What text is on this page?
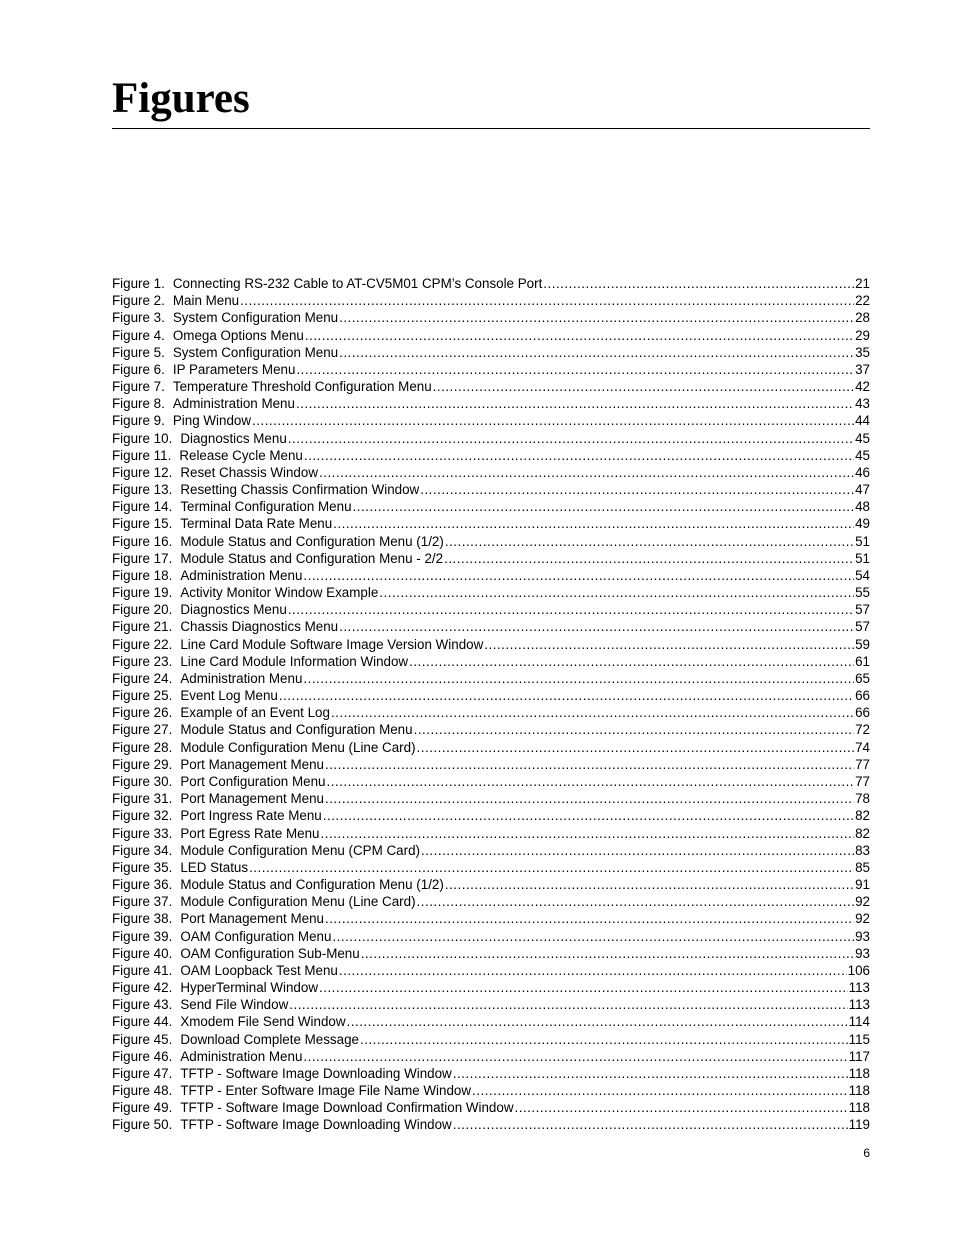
Figures
Figure 1. Connecting RS-232 Cable to AT-CV5M01 CPM’s Console Port .....	21
Figure 2. Main Menu .....	22
Figure 3. System Configuration Menu .....	28
Figure 4. Omega Options Menu .....	29
Figure 5. System Configuration Menu .....	35
Figure 6. IP Parameters Menu .....	37
Figure 7. Temperature Threshold Configuration Menu .....	42
Figure 8. Administration Menu .....	43
Figure 9. Ping Window .....	44
Figure 10. Diagnostics Menu .....	45
Figure 11. Release Cycle Menu .....	45
Figure 12. Reset Chassis Window .....	46
Figure 13. Resetting Chassis Confirmation Window .....	47
Figure 14. Terminal Configuration Menu .....	48
Figure 15. Terminal Data Rate Menu .....	49
Figure 16. Module Status and Configuration Menu (1/2) .....	51
Figure 17. Module Status and Configuration Menu - 2/2 .....	51
Figure 18. Administration Menu .....	54
Figure 19. Activity Monitor Window Example .....	55
Figure 20. Diagnostics Menu .....	57
Figure 21. Chassis Diagnostics Menu .....	57
Figure 22. Line Card Module Software Image Version Window .....	59
Figure 23. Line Card Module Information Window .....	61
Figure 24. Administration Menu .....	65
Figure 25. Event Log Menu .....	66
Figure 26. Example of an Event Log .....	66
Figure 27. Module Status and Configuration Menu .....	72
Figure 28. Module Configuration Menu (Line Card) .....	74
Figure 29. Port Management Menu .....	77
Figure 30. Port Configuration Menu .....	77
Figure 31. Port Management Menu .....	78
Figure 32. Port Ingress Rate Menu .....	82
Figure 33. Port Egress Rate Menu .....	82
Figure 34. Module Configuration Menu (CPM Card) .....	83
Figure 35. LED Status .....	85
Figure 36. Module Status and Configuration Menu (1/2) .....	91
Figure 37. Module Configuration Menu (Line Card) .....	92
Figure 38. Port Management Menu .....	92
Figure 39. OAM Configuration Menu .....	93
Figure 40. OAM Configuration Sub-Menu .....	93
Figure 41. OAM Loopback Test Menu .....	106
Figure 42. HyperTerminal Window .....	113
Figure 43. Send File Window .....	113
Figure 44. Xmodem File Send Window .....	114
Figure 45. Download Complete Message .....	115
Figure 46. Administration Menu .....	117
Figure 47. TFTP - Software Image Downloading Window .....	118
Figure 48. TFTP - Enter Software Image File Name Window .....	118
Figure 49. TFTP - Software Image Download Confirmation Window .....	118
Figure 50. TFTP - Software Image Downloading Window .....	119
6
